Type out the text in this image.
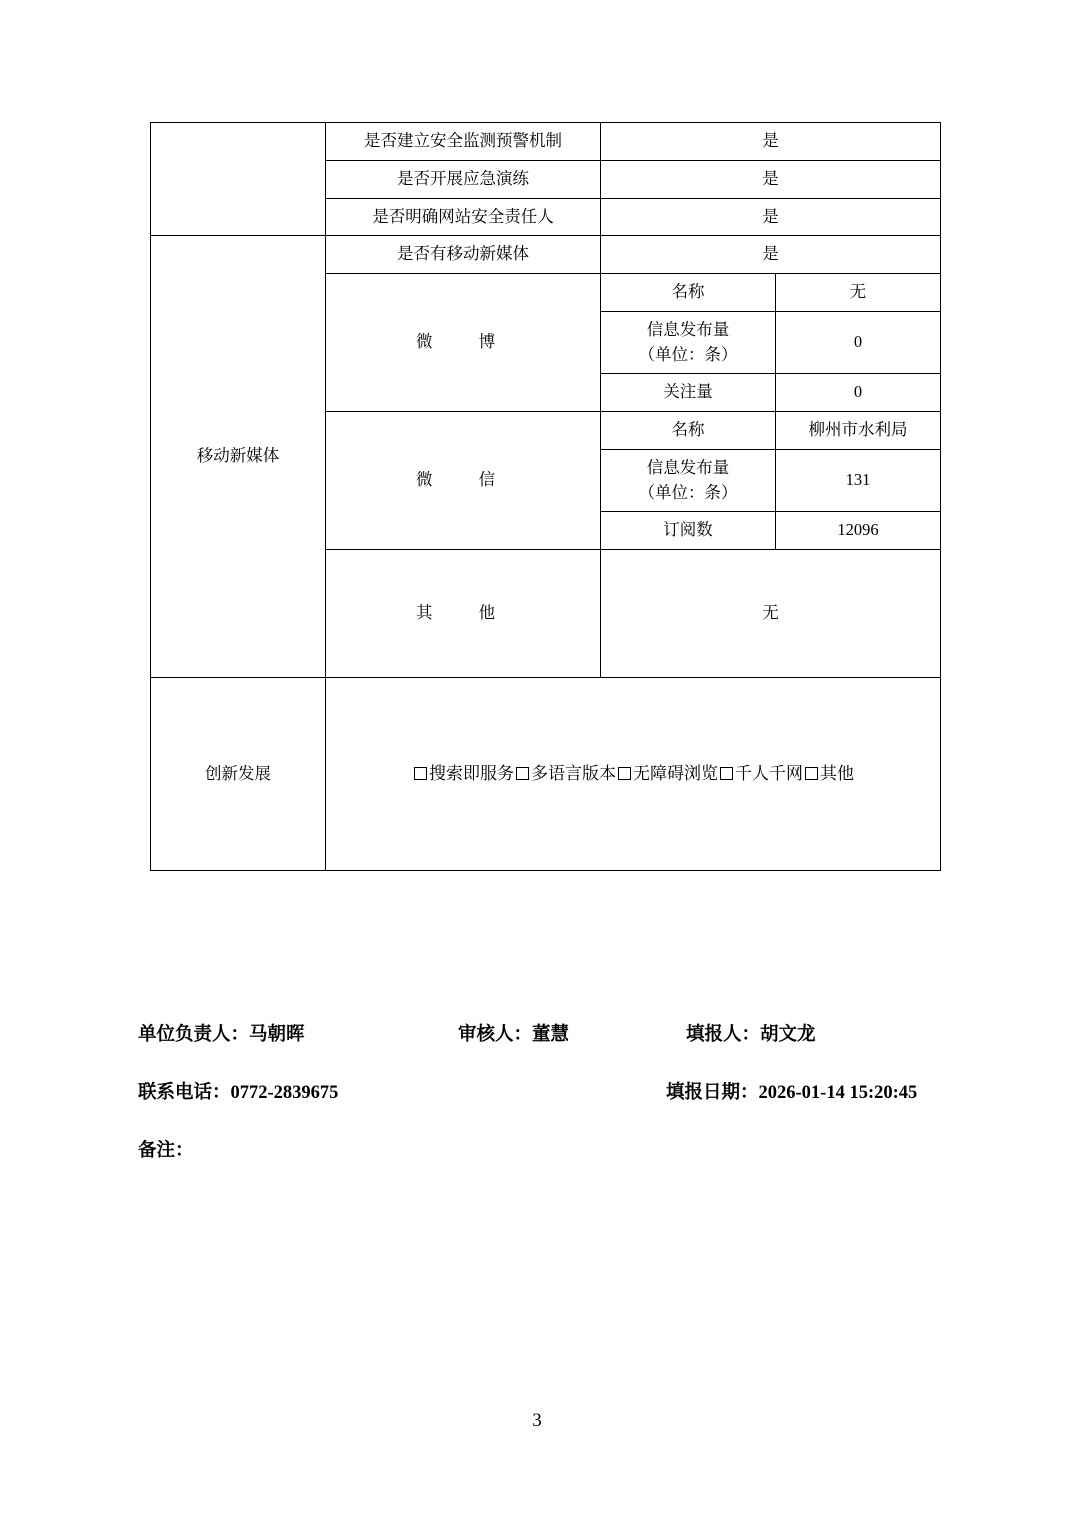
	是否建立安全监测预警机制	是	
	是否开展应急演练	是	
	是否明确网站安全责任人	是	
移动新媒体	是否有移动新媒体	是	
	微　博	名称	无

		信息发布量
（单位：条）	0
		关注量	0
	微　信	名称	柳州市水利局

		信息发布量
（单位：条）	131
		订阅数	12096
	其　他	无	
创新发展	搜索即服务 多语言版本 无障碍浏览 千人千网 其他		
单位负责人：马朝晖	审核人：董慧	填报人：胡文龙
联系电话：0772-2839675	填报日期：2026-01-14 15:20:45
备注：
3
